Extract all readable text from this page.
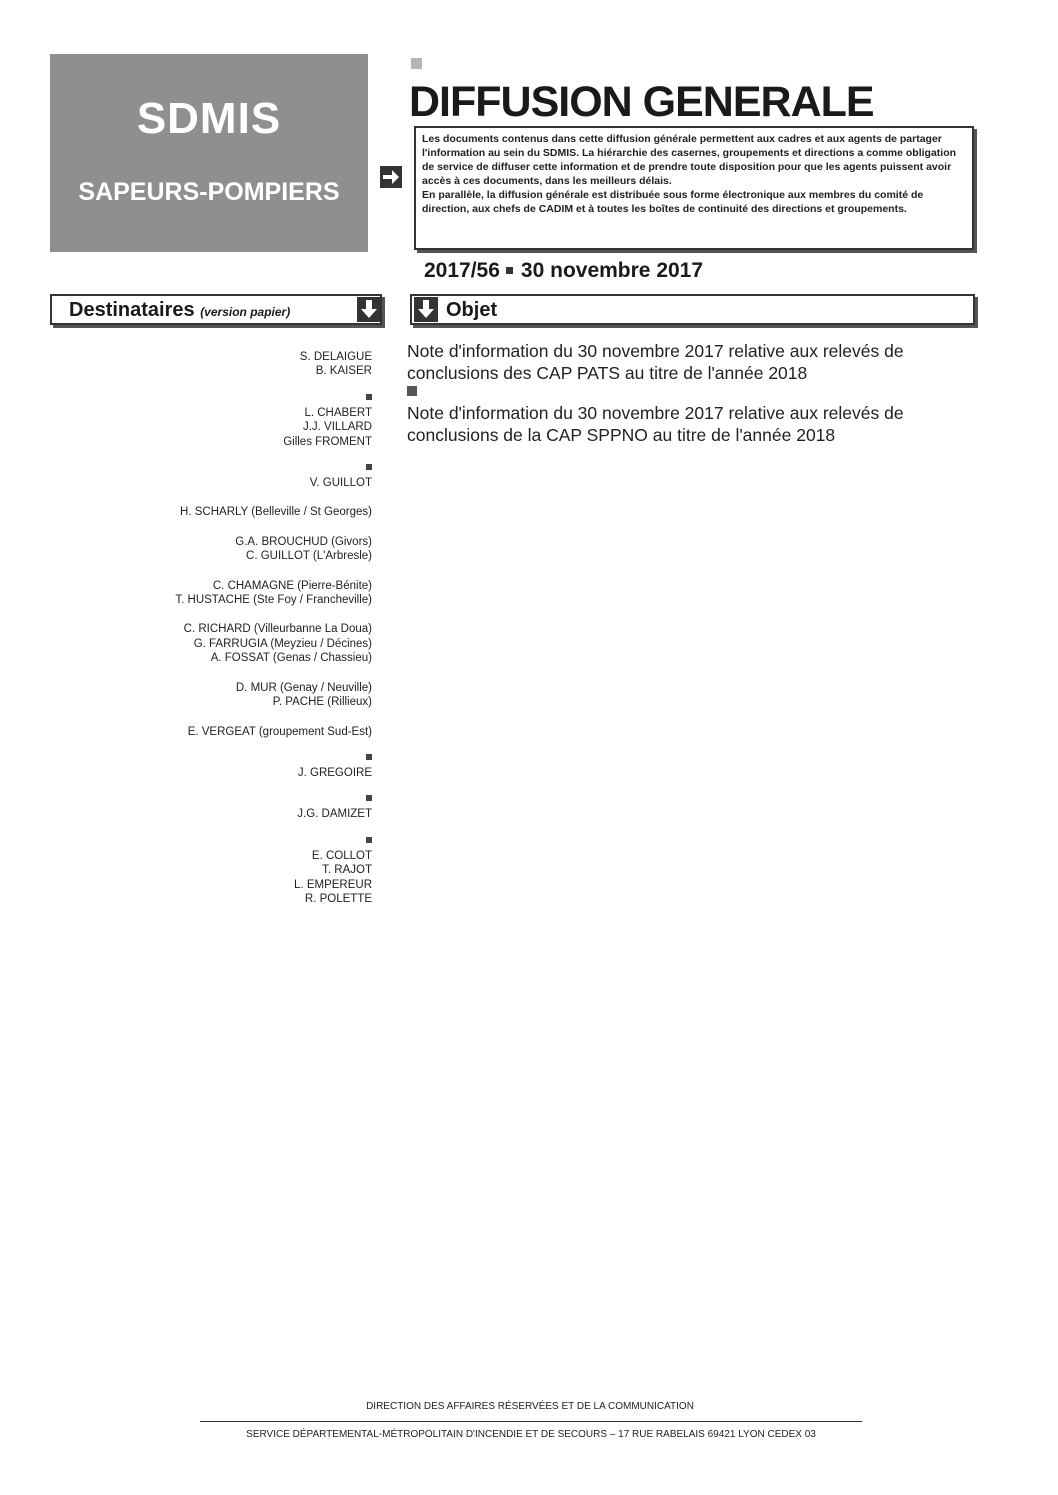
SDMIS
SAPEURS-POMPIERS
DIFFUSION GENERALE

Les documents contenus dans cette diffusion générale permettent aux cadres et aux agents de partager l'information au sein du SDMIS. La hiérarchie des casernes, groupements et directions a comme obligation de service de diffuser cette information et de prendre toute disposition pour que les agents puissent avoir accès à ces documents, dans les meilleurs délais.

En parallèle, la diffusion générale est distribuée sous forme électronique aux membres du comité de direction, aux chefs de CADIM et à toutes les boîtes de continuité des directions et groupements.

2017/56 30 novembre 2017
Destinataires (version papier)	Objet
S. DELAIGUE
B. KAISER
L. CHABERT
J.J. VILLARD
Gilles FROMENT
V. GUILLOT
H. SCHARLY (Belleville / St Georges)
G.A. BROUCHUD (Givors)
C. GUILLOT (L'Arbresle)
C. CHAMAGNE (Pierre-Bénite)
T. HUSTACHE (Ste Foy / Francheville)
C. RICHARD (Villeurbanne La Doua)
G. FARRUGIA (Meyzieu / Décines)
A. FOSSAT (Genas / Chassieu)
D. MUR (Genay / Neuville)
P. PACHE (Rillieux)
E. VERGEAT (groupement Sud-Est)
J. GREGOIRE
J.G. DAMIZET
E. COLLOT
T. RAJOT
L. EMPEREUR
R. POLETTE

Note d'information du 30 novembre 2017 relative aux relevés de conclusions des CAP PATS au titre de l'année 2018

Note d'information du 30 novembre 2017 relative aux relevés de conclusions de la CAP SPPNO au titre de l'année 2018

DIRECTION DES AFFAIRES RÉSERVÉES ET DE LA COMMUNICATION
SERVICE DÉPARTEMENTAL-MÉTROPOLITAIN D'INCENDIE ET DE SECOURS – 17 RUE RABELAIS 69421 LYON CEDEX 03
